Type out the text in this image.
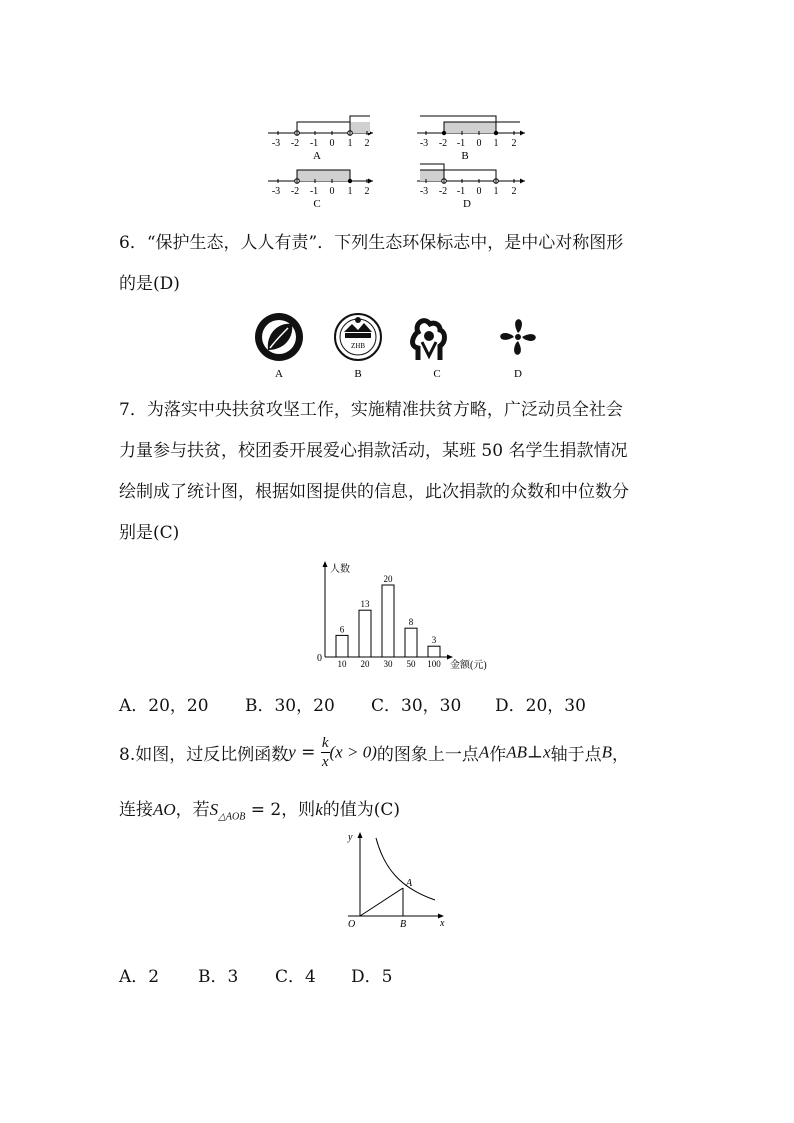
-3 -2 -1 0 1 2	-3 -2 -1 0 1 2
-3 -2 -1 0 1 2	-3 -2 -1 0 1 2
A	B
C	D
6．“保护生态，人人有责”．下列生态环保标志中，是中心对称图形
的是(D)
ZHB
A	B	C	D
7．为落实中央扶贫攻坚工作，实施精准扶贫方略，广泛动员全社会
力量参与扶贫，校团委开展爱心捐款活动，某班 50 名学生捐款情况
绘制成了统计图，根据如图提供的信息，此次捐款的众数和中位数分
别是(C)
人数
金额(元)
0
6
10
13
20
20
30
8
50
3
100
A．20，20 B．30，20 C．30，30 D．20，30
8.如图，过反比例函数$y = \frac{k}{x} (x > 0)$的图象上一点A作AB⊥x轴于点B，
连接AO，若$S_{\triangle AOB} = 2$，则k的值为(C)
y
x
O
A
B
A．2 B．3 C．4 D．5
